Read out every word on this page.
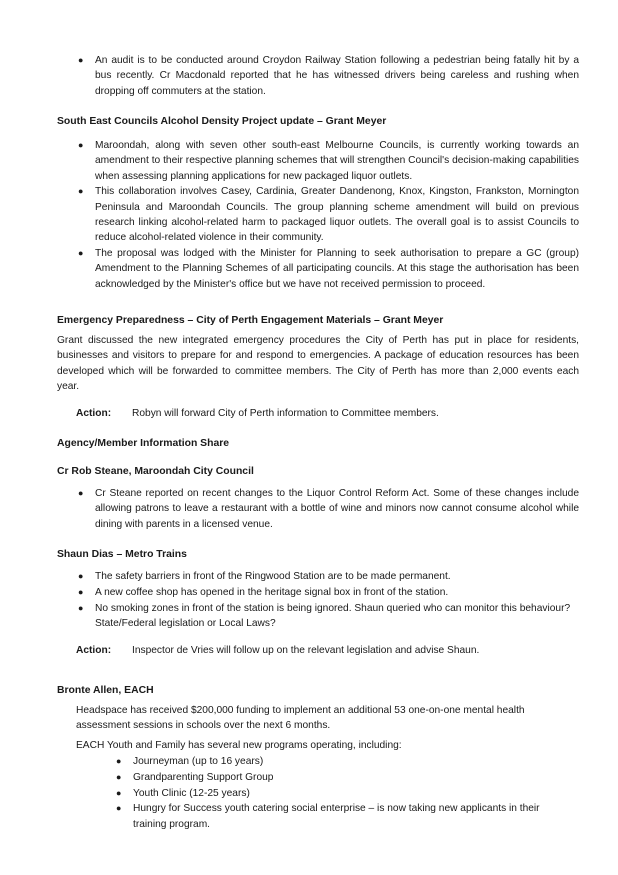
● An audit is to be conducted around Croydon Railway Station following a pedestrian being fatally hit by a bus recently. Cr Macdonald reported that he has witnessed drivers being careless and rushing when dropping off commuters at the station.
South East Councils Alcohol Density Project update – Grant Meyer
● Maroondah, along with seven other south-east Melbourne Councils, is currently working towards an amendment to their respective planning schemes that will strengthen Council's decision-making capabilities when assessing planning applications for new packaged liquor outlets.
● This collaboration involves Casey, Cardinia, Greater Dandenong, Knox, Kingston, Frankston, Mornington Peninsula and Maroondah Councils. The group planning scheme amendment will build on previous research linking alcohol-related harm to packaged liquor outlets. The overall goal is to assist Councils to reduce alcohol-related violence in their community.
● The proposal was lodged with the Minister for Planning to seek authorisation to prepare a GC (group) Amendment to the Planning Schemes of all participating councils. At this stage the authorisation has been acknowledged by the Minister's office but we have not received permission to proceed.
Emergency Preparedness – City of Perth Engagement Materials – Grant Meyer

Grant discussed the new integrated emergency procedures the City of Perth has put in place for residents, businesses and visitors to prepare for and respond to emergencies. A package of education resources has been developed which will be forwarded to committee members. The City of Perth has more than 2,000 events each year.

Action:	Robyn will forward City of Perth information to Committee members.
Agency/Member Information Share
Cr Rob Steane, Maroondah City Council
● Cr Steane reported on recent changes to the Liquor Control Reform Act. Some of these changes include allowing patrons to leave a restaurant with a bottle of wine and minors now cannot consume alcohol while dining with parents in a licensed venue.
Shaun Dias – Metro Trains
● The safety barriers in front of the Ringwood Station are to be made permanent.
● A new coffee shop has opened in the heritage signal box in front of the station.
● No smoking zones in front of the station is being ignored. Shaun queried who can monitor this behaviour? State/Federal legislation or Local Laws?
Action:	Inspector de Vries will follow up on the relevant legislation and advise Shaun.
Bronte Allen, EACH

Headspace has received $200,000 funding to implement an additional 53 one-on-one mental health assessment sessions in schools over the next 6 months.

EACH Youth and Family has several new programs operating, including:

● Journeyman (up to 16 years)
● Grandparenting Support Group
● Youth Clinic (12-25 years)
● Hungry for Success youth catering social enterprise – is now taking new applicants in their training program.
